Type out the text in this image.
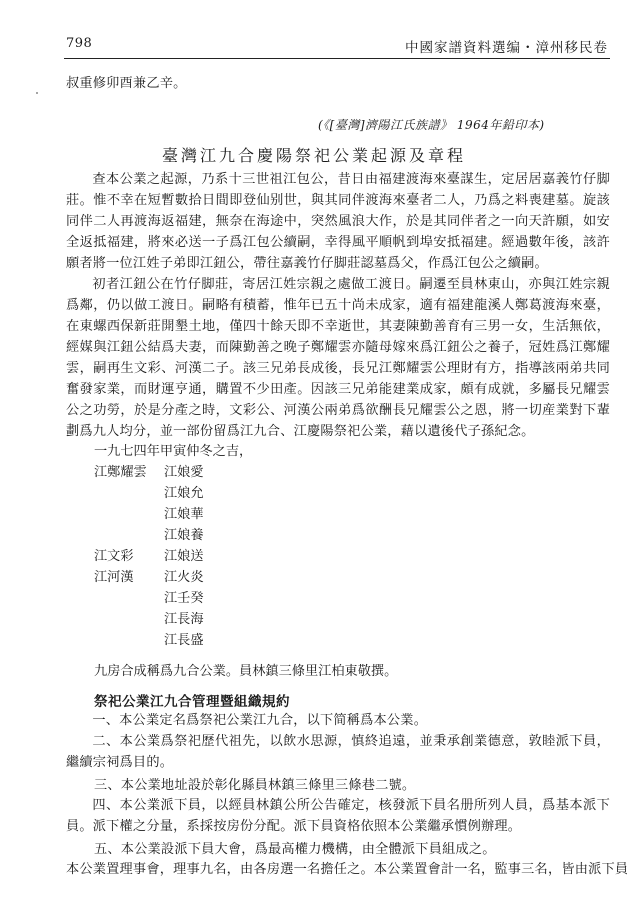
798	中國家譜資料選编・漳州移民卷
叔重修卯酉兼乙辛。
(《[臺灣]濟陽江氏族譜》 1964年鉛印本)
臺灣江九合慶陽祭祀公業起源及章程
查本公業之起源，乃系十三世祖江包公，昔日由福建渡海來臺謀生，定居居嘉義竹仔脚莊。惟不幸在短暫數拾日間即登仙别世，與其同伴渡海來臺者二人，乃爲之料喪建墓。旋該同伴二人再渡海返福建，無奈在海途中，突然風浪大作，於是其同伴者之一向天許願，如安全返抵福建，將來必送一子爲江包公續嗣，幸得風平順帆到埠安抵福建。經過數年後，該許願者將一位江姓子弟即江鈕公，帶往嘉義竹仔脚莊認墓爲父，作爲江包公之續嗣。
初者江鈕公在竹仔脚莊，寄居江姓宗親之處做工渡日。嗣遷至員林東山，亦與江姓宗親爲鄰，仍以做工渡日。嗣略有積蓄，惟年已五十尚未成家，適有福建龍溪人鄭葛渡海來臺，在東螺西保新莊開墾土地，僅四十餘天即不幸逝世，其妻陳勤善育有三男一女，生活無依，經媒與江鈕公結爲夫妻，而陳勤善之晚子鄭耀雲亦隨母嫁來爲江鈕公之養子，冠姓爲江鄭耀雲，嗣再生文彩、河漢二子。該三兄弟長成後，長兄江鄭耀雲公理財有方，指導該兩弟共同奮發家業，而財運亨通，購置不少田產。因該三兄弟能建業成家，頗有成就，多屬長兄耀雲公之功勞，於是分產之時，文彩公、河漢公兩弟爲欲酬長兄耀雲公之恩，將一切産業對下輩劃爲九人均分，並一部份留爲江九合、江慶陽祭祀公業，藉以遺後代子孫紀念。
一九七四年甲寅仲冬之吉，
江鄭耀雲 江娘愛
江娘允
江娘華
江娘養
江文彩 江娘送
江河漢 江火炎
江壬癸
江長海
江長盛
九房合成稱爲九合公業。員林鎮三條里江柏東敬撰。
祭祀公業江九合管理暨組織規約
一、本公業定名爲祭祀公業江九合，以下简稱爲本公業。
二、本公業爲祭祀歷代祖先，以飲水思源，慎終追遠，並秉承創業德意，敦睦派下員，繼續宗祠爲目的。
三、本公業地址設於彰化縣員林鎮三條里三條巷二號。
四、本公業派下員，以經員林鎮公所公告確定，核發派下員名册所列人員，爲基本派下員。派下權之分量，系採按房份分配。派下員資格依照本公業繼承慣例辦理。
五、本公業設派下員大會，爲最高權力機構，由全體派下員組成之。
本公業置理事會，理事九名，由各房選一名擔任之。本公業置會計一名，監事三名，皆由派下員
